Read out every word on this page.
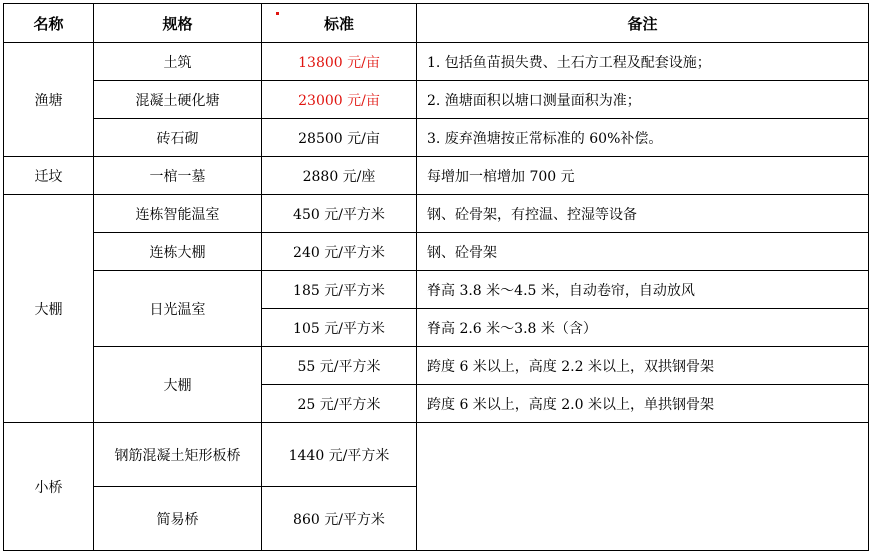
名称	规格	标准	备注
渔塘	土筑	13800 元/亩	1. 包括鱼苗损失费、土石方工程及配套设施；
	混凝土硬化塘	23000 元/亩	2. 渔塘面积以塘口测量面积为准；
	砖石砌	28500 元/亩	3. 废弃渔塘按正常标准的 60%补偿。
迁坟	一棺一墓	2880 元/座	每增加一棺增加 700 元
大棚	连栋智能温室	450 元/平方米	钢、砼骨架，有控温、控湿等设备
	连栋大棚	240 元/平方米	钢、砼骨架
	日光温室	185 元/平方米	脊高 3.8 米～4.5 米，自动卷帘，自动放风
		105 元/平方米	脊高 2.6 米～3.8 米（含）
	大棚	55 元/平方米	跨度 6 米以上，高度 2.2 米以上，双拱钢骨架
		25 元/平方米	跨度 6 米以上，高度 2.0 米以上，单拱钢骨架
小桥	钢筋混凝土矩形板桥	1440 元/平方米	
	简易桥	860 元/平方米	
